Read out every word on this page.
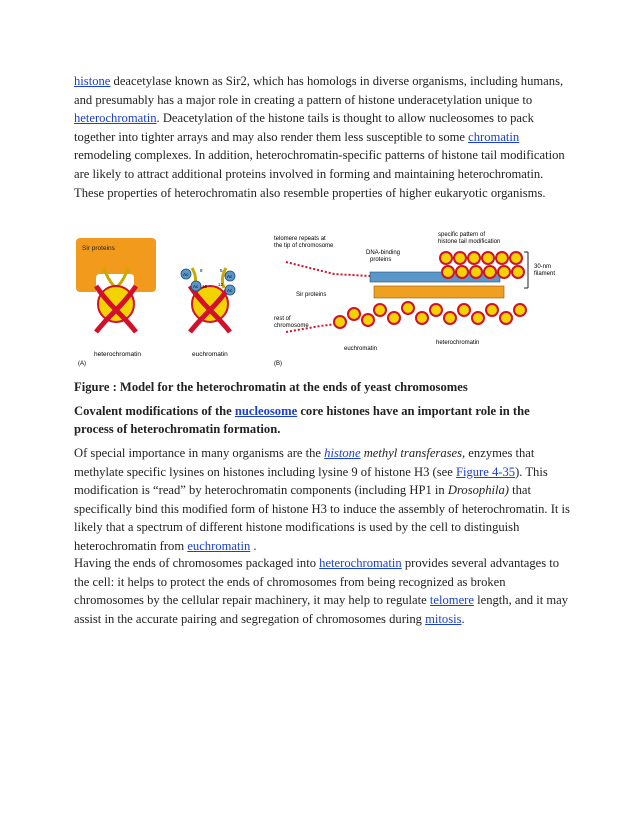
histone deacetylase known as Sir2, which has homologs in diverse organisms, including humans, and presumably has a major role in creating a pattern of histone underacetylation unique to heterochromatin. Deacetylation of the histone tails is thought to allow nucleosomes to pack together into tighter arrays and may also render them less susceptible to some chromatin remodeling complexes. In addition, heterochromatin-specific patterns of histone tail modification are likely to attract additional proteins involved in forming and maintaining heterochromatin. These properties of heterochromatin also resemble properties of higher eukaryotic organisms.
Sir proteins
heterochromatin
(A)
Ac
Ac
Ac
Ac
8
16
5
12
euchromatin
telomere repeats at
the tip of chromosome
DNA-binding
proteins
specific pattern of
histone tail modification
30-nm
filament
Sir proteins
rest of
chromosome
heterochromatin
euchromatin
(B)
Figure : Model for the heterochromatin at the ends of yeast chromosomes
Covalent modifications of the nucleosome core histones have an important role in the process of heterochromatin formation.
Of special importance in many organisms are the histone methyl transferases, enzymes that methylate specific lysines on histones including lysine 9 of histone H3 (see Figure 4-35). This modification is “read” by heterochromatin components (including HP1 in Drosophila) that specifically bind this modified form of histone H3 to induce the assembly of heterochromatin. It is likely that a spectrum of different histone modifications is used by the cell to distinguish heterochromatin from euchromatin .
Having the ends of chromosomes packaged into heterochromatin provides several advantages to the cell: it helps to protect the ends of chromosomes from being recognized as broken chromosomes by the cellular repair machinery, it may help to regulate telomere length, and it may assist in the accurate pairing and segregation of chromosomes during mitosis.
